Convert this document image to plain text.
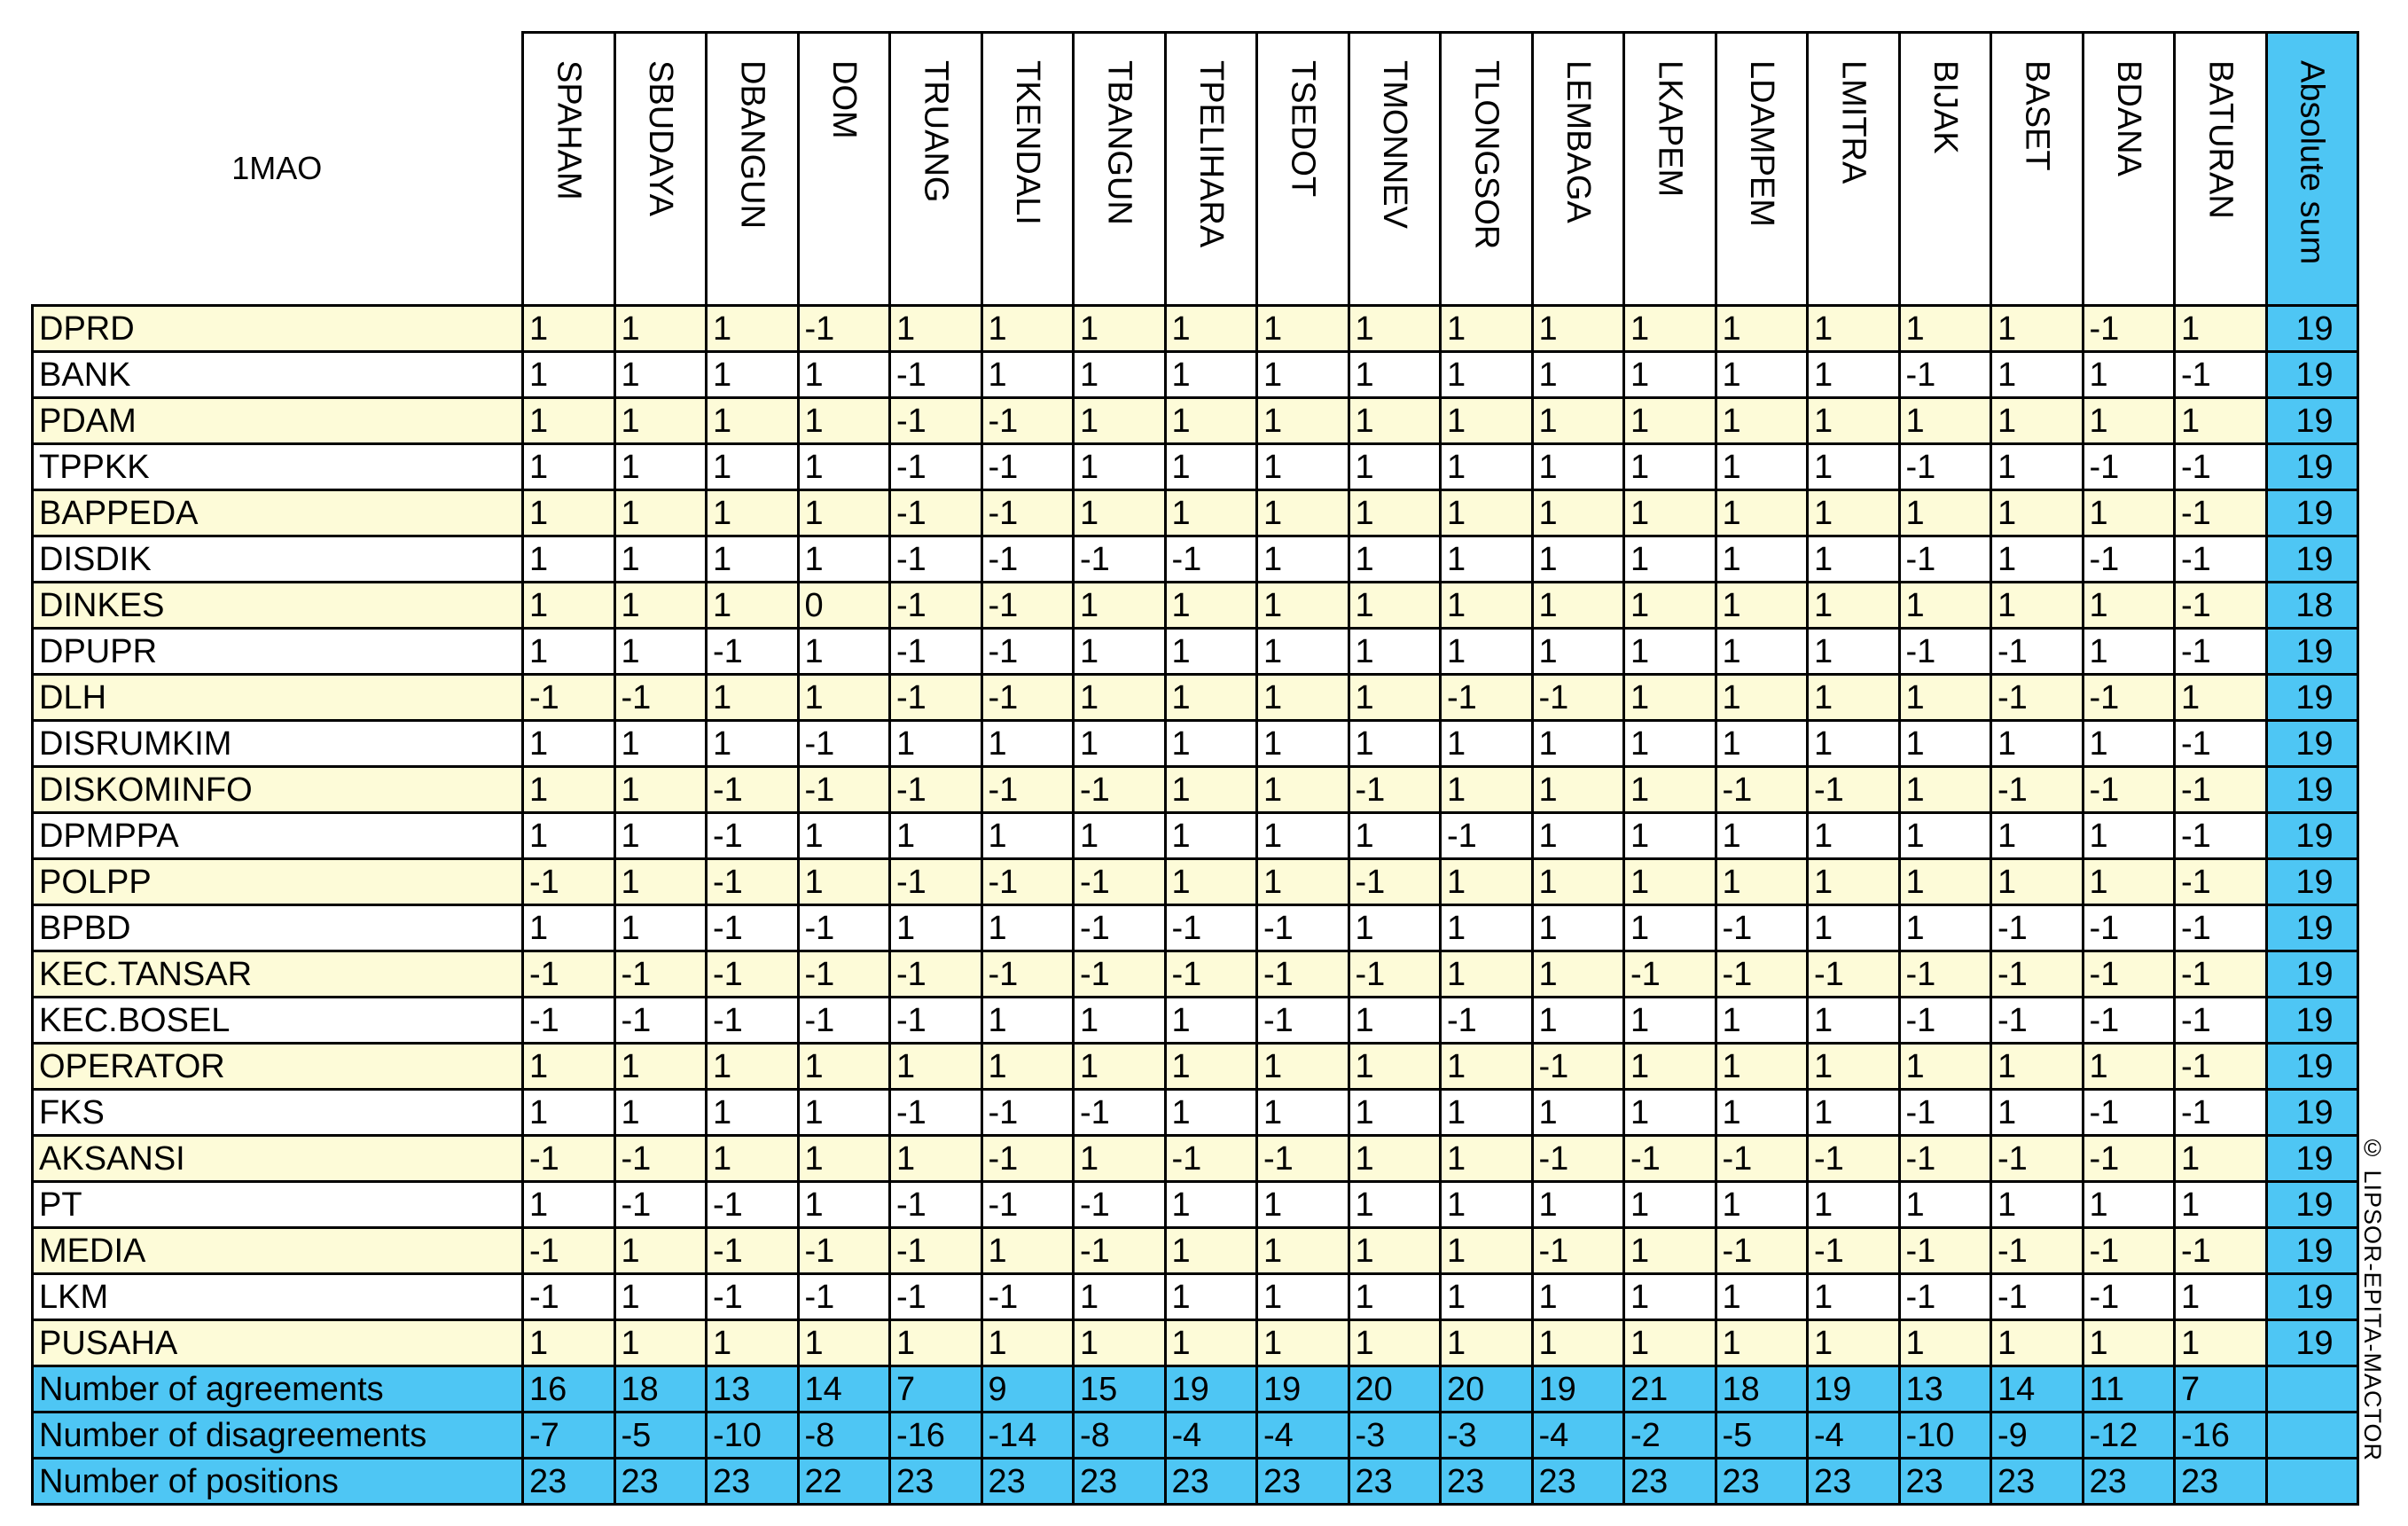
1MAO	SPAHAM	SBUDAYA	DBANGUN	DOM	TRUANG	TKENDALI	TBANGUN	TPELIHARA	TSEDOT	TMONNEV	TLONGSOR	LEMBAGA	LKAPEM	LDAMPEM	LMITRA	BIJAK	BASET	BDANA	BATURAN	Absolute sum
DPRD	1	1	1	-1	1	1	1	1	1	1	1	1	1	1	1	1	1	-1	1	19
BANK	1	1	1	1	-1	1	1	1	1	1	1	1	1	1	1	-1	1	1	-1	19
PDAM	1	1	1	1	-1	-1	1	1	1	1	1	1	1	1	1	1	1	1	1	19
TPPKK	1	1	1	1	-1	-1	1	1	1	1	1	1	1	1	1	-1	1	-1	-1	19
BAPPEDA	1	1	1	1	-1	-1	1	1	1	1	1	1	1	1	1	1	1	1	-1	19
DISDIK	1	1	1	1	-1	-1	-1	-1	1	1	1	1	1	1	1	-1	1	-1	-1	19
DINKES	1	1	1	0	-1	-1	1	1	1	1	1	1	1	1	1	1	1	1	-1	18
DPUPR	1	1	-1	1	-1	-1	1	1	1	1	1	1	1	1	1	-1	-1	1	-1	19
DLH	-1	-1	1	1	-1	-1	1	1	1	1	-1	-1	1	1	1	1	-1	-1	1	19
DISRUMKIM	1	1	1	-1	1	1	1	1	1	1	1	1	1	1	1	1	1	1	-1	19
DISKOMINFO	1	1	-1	-1	-1	-1	-1	1	1	-1	1	1	1	-1	-1	1	-1	-1	-1	19
DPMPPA	1	1	-1	1	1	1	1	1	1	1	-1	1	1	1	1	1	1	1	-1	19
POLPP	-1	1	-1	1	-1	-1	-1	1	1	-1	1	1	1	1	1	1	1	1	-1	19
BPBD	1	1	-1	-1	1	1	-1	-1	-1	1	1	1	1	-1	1	1	-1	-1	-1	19
KEC.TANSAR	-1	-1	-1	-1	-1	-1	-1	-1	-1	-1	1	1	-1	-1	-1	-1	-1	-1	-1	19
KEC.BOSEL	-1	-1	-1	-1	-1	1	1	1	-1	1	-1	1	1	1	1	-1	-1	-1	-1	19
OPERATOR	1	1	1	1	1	1	1	1	1	1	1	-1	1	1	1	1	1	1	-1	19
FKS	1	1	1	1	-1	-1	-1	1	1	1	1	1	1	1	1	-1	1	-1	-1	19
AKSANSI	-1	-1	1	1	1	-1	1	-1	-1	1	1	-1	-1	-1	-1	-1	-1	-1	1	19
PT	1	-1	-1	1	-1	-1	-1	1	1	1	1	1	1	1	1	1	1	1	1	19
MEDIA	-1	1	-1	-1	-1	1	-1	1	1	1	1	-1	1	-1	-1	-1	-1	-1	-1	19
LKM	-1	1	-1	-1	-1	-1	1	1	1	1	1	1	1	1	1	-1	-1	-1	1	19
PUSAHA	1	1	1	1	1	1	1	1	1	1	1	1	1	1	1	1	1	1	1	19
Number of agreements	16	18	13	14	7	9	15	19	19	20	20	19	21	18	19	13	14	11	7	
Number of disagreements	-7	-5	-10	-8	-16	-14	-8	-4	-4	-3	-3	-4	-2	-5	-4	-10	-9	-12	-16	
Number of positions	23	23	23	22	23	23	23	23	23	23	23	23	23	23	23	23	23	23	23	
© LIPSOR-EPITA-MACTOR
